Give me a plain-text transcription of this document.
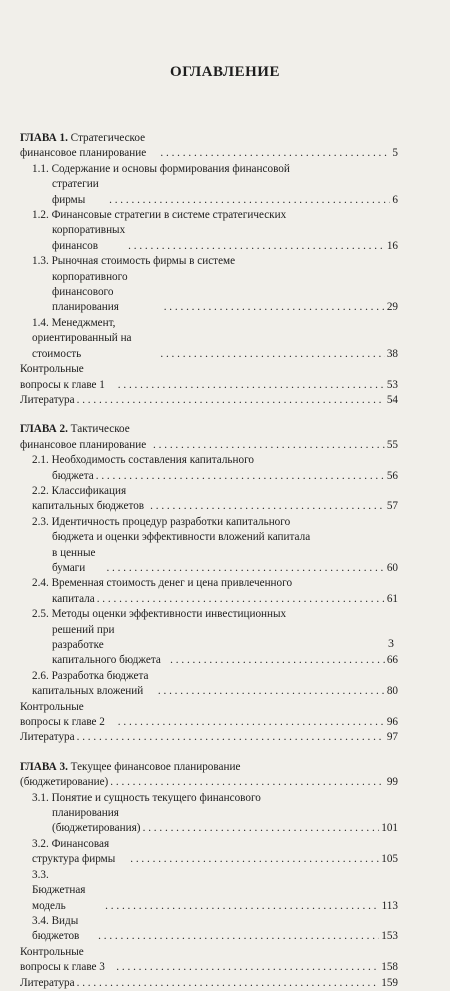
ОГЛАВЛЕНИЕ
ГЛАВА 1. Стратегическое финансовое планирование . . .	5
1.1. Содержание и основы формирования финансовой
стратегии фирмы . . .	6
1.2. Финансовые стратегии в системе стратегических
корпоративных финансов . . .	16
1.3. Рыночная стоимость фирмы в системе
корпоративного финансового планирования . . .	29
1.4. Менеджмент, ориентированный на стоимость . . .	38
Контрольные вопросы к главе 1 . . .	53
Литература . . .	54
ГЛАВА 2. Тактическое финансовое планирование . . .	55
2.1. Необходимость составления капитального
бюджета . . .	56
2.2. Классификация капитальных бюджетов . . .	57
2.3. Идентичность процедур разработки капитального
бюджета и оценки эффективности вложений капитала
в ценные бумаги . . .	60
2.4. Временная стоимость денег и цена привлеченного
капитала . . .	61
2.5. Методы оценки эффективности инвестиционных
решений при разработке капитального бюджета . . .	66
2.6. Разработка бюджета капитальных вложений . . .	80
Контрольные вопросы к главе 2 . . .	96
Литература . . .	97
ГЛАВА 3. Текущее финансовое планирование
(бюджетирование) . . .	99
3.1. Понятие и сущность текущего финансового
планирования (бюджетирования) . . .	101
3.2. Финансовая структура фирмы . . .	105
3.3. Бюджетная модель . . .	113
3.4. Виды бюджетов . . .	153
Контрольные вопросы к главе 3 . . .	158
Литература . . .	159
3
